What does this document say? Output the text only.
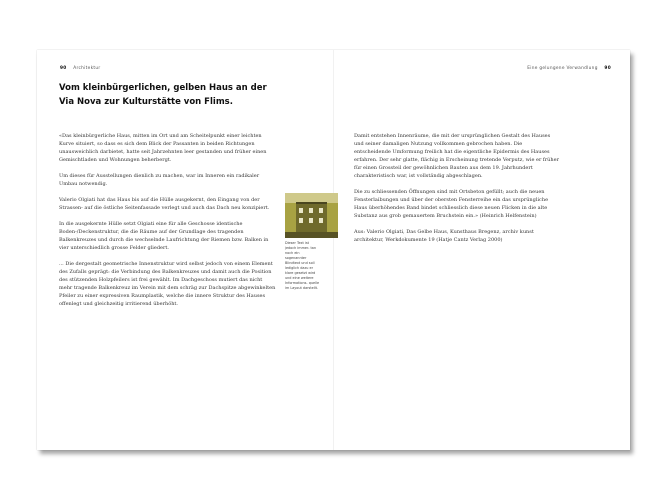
90 Architektur	Eine gelungene Verwandlung 90
Vom kleinbürgerlichen, gelben Haus an der
Via Nova zur Kulturstätte von Flims.

«Das kleinbürgerliche Haus, mitten im Ort und am Scheitelpunkt einer leichten Kurve situiert, so dass es sich dem Blick der Passanten in beiden Richtungen unausweichlich darbietet, hatte seit Jahrzehnten leer gestanden und früher einen Gemischtladen und Wohnungen beherbergt.

Um dieses für Ausstellungen dienlich zu machen, war im Inneren ein radikaler Umbau notwendig.

Valerio Olgiati hat das Haus bis auf die Hülle ausgekernt, den Eingang von der Strassen- auf die östliche Seitenfassade verlegt und auch das Dach neu konzipiert.

In die ausgekernte Hülle setzt Olgiati eine für alle Geschosse identische Boden-/Deckenstruktur, die die Räume auf der Grundlage des tragenden Balkenkreuzes und durch die wechselnde Laufrichtung der Riemen bzw. Balken in vier unterschiedlich grosse Felder gliedert.

... Die dergestalt geometrische Innenstruktur wird selbst jedoch von einem Element des Zufalls geprägt: die Verbindung des Balkenkreuzes und damit auch die Position des stützenden Holzpfeilers ist frei gewählt. Im Dachgeschoss mutiert das nicht mehr tragende Balkenkreuz im Verein mit dem schräg zur Dachspitze abgewinkelten Pfeiler zu einer expressiven Raumplastik, welche die innere Struktur des Hauses offenlegt und gleichzeitig irritierend überhöht.

Dieser Text ist jedoch immer- tan noch ein sogenannter Blindtext und soll lediglich dazu er klare gesetzt wird und eine weitere Informations- quelle im Layout darstellt.

Damit entstehen Innenräume, die mit der ursprünglichen Gestalt des Hauses und seiner damaligen Nutzung vollkommen gebrochen haben. Die entscheidende Umformung freilich hat die eigentliche Epidermis des Hauses erfahren. Der sehr glatte, flächig in Erscheinung tretende Verputz, wie er früher für einen Grossteil der gewöhnlichen Bauten aus dem 19. Jahrhundert charakteristisch war, ist vollständig abgeschlagen.

Die zu schliessenden Öffnungen sind mit Ortsbeton gefüllt; auch die neuen Fensterlaibungen und über der obersten Fensterreihe ein das ursprüngliche Haus überhöhendes Band bindet schliesslich diese neuen Flicken in die alte Substanz aus grob gemauertem Bruchstein ein.» (Heinrich Helfenstein)

Aus: Valerio Olgiati, Das Gelbe Haus, Kunsthaus Bregenz, archiv kunst architektur, Werkdokumente 19 (Hatje Cantz Verlag 2000)
